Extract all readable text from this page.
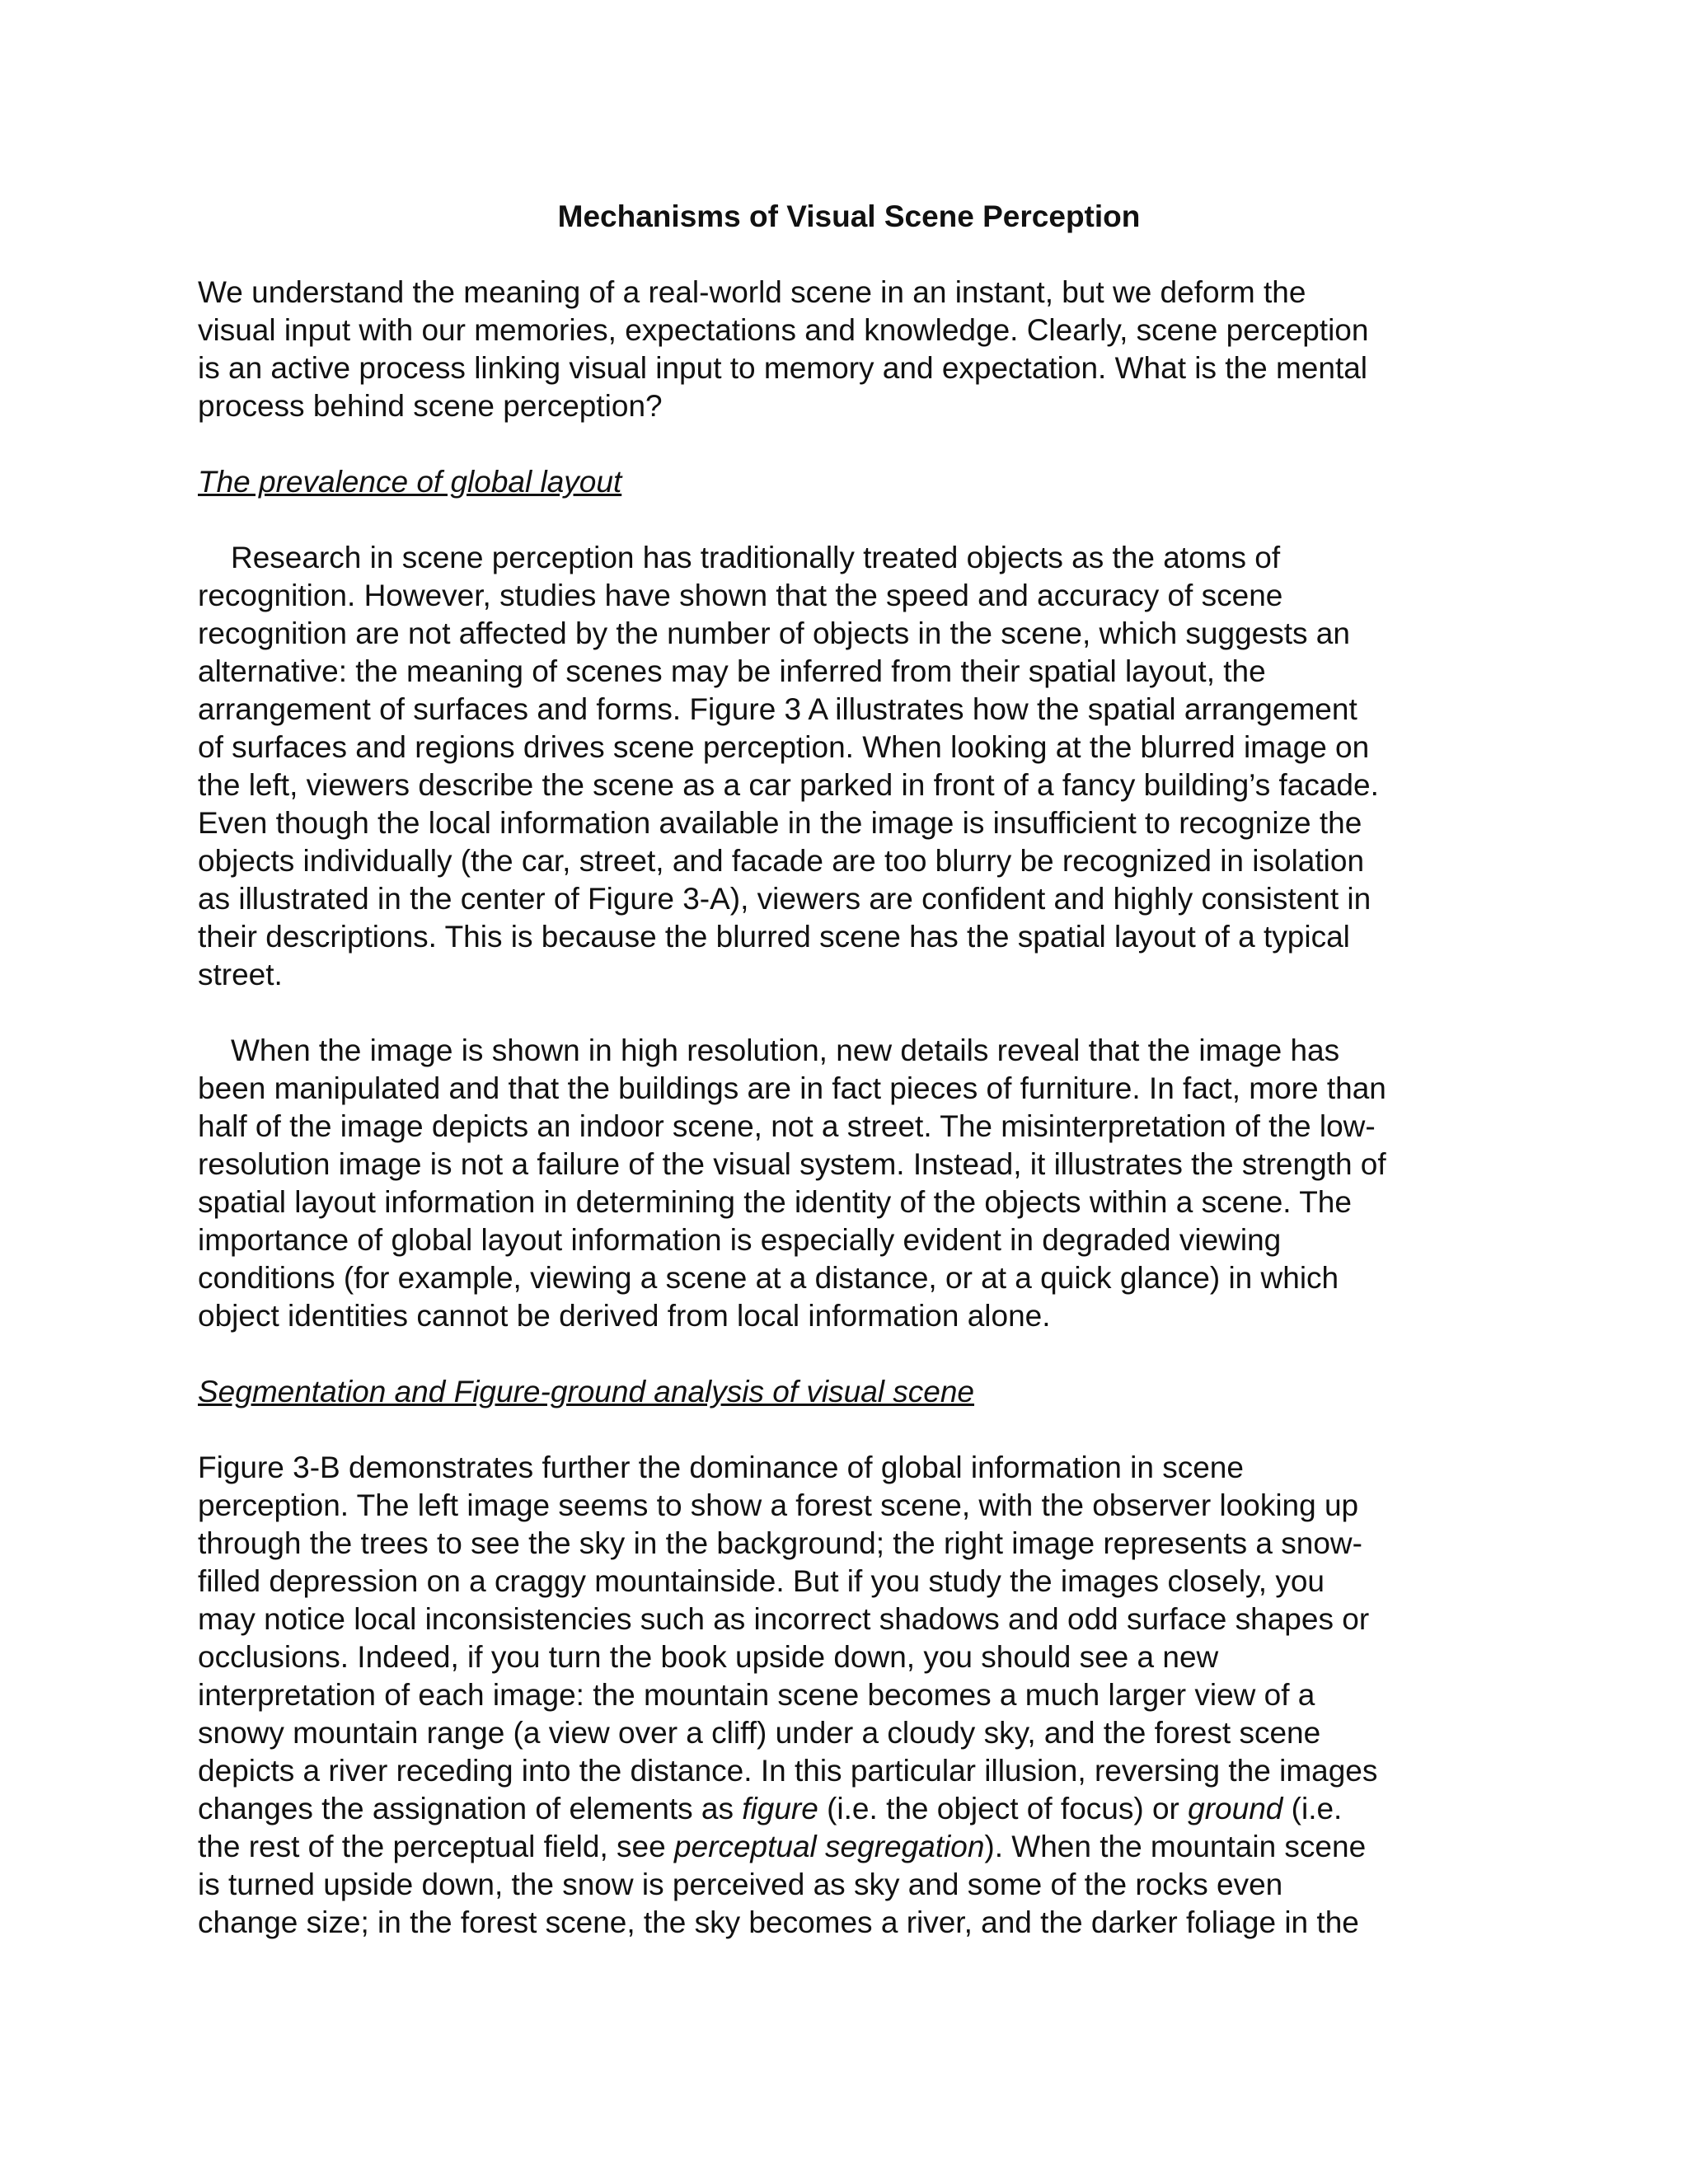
Mechanisms of Visual Scene Perception
We understand the meaning of a real-world scene in an instant, but we deform the
visual input with our memories, expectations and knowledge. Clearly, scene perception
is an active process linking visual input to memory and expectation. What is the mental
process behind scene perception?
The prevalence of global layout
Research in scene perception has traditionally treated objects as the atoms of
recognition. However, studies have shown that the speed and accuracy of scene
recognition are not affected by the number of objects in the scene, which suggests an
alternative: the meaning of scenes may be inferred from their spatial layout, the
arrangement of surfaces and forms. Figure 3 A illustrates how the spatial arrangement
of surfaces and regions drives scene perception. When looking at the blurred image on
the left, viewers describe the scene as a car parked in front of a fancy building’s facade.
Even though the local information available in the image is insufficient to recognize the
objects individually (the car, street, and facade are too blurry be recognized in isolation
as illustrated in the center of Figure 3-A), viewers are confident and highly consistent in
their descriptions. This is because the blurred scene has the spatial layout of a typical
street.
When the image is shown in high resolution, new details reveal that the image has
been manipulated and that the buildings are in fact pieces of furniture. In fact, more than
half of the image depicts an indoor scene, not a street. The misinterpretation of the low-
resolution image is not a failure of the visual system. Instead, it illustrates the strength of
spatial layout information in determining the identity of the objects within a scene. The
importance of global layout information is especially evident in degraded viewing
conditions (for example, viewing a scene at a distance, or at a quick glance) in which
object identities cannot be derived from local information alone.
Segmentation and Figure-ground analysis of visual scene
Figure 3-B demonstrates further the dominance of global information in scene
perception. The left image seems to show a forest scene, with the observer looking up
through the trees to see the sky in the background; the right image represents a snow-
filled depression on a craggy mountainside. But if you study the images closely, you
may notice local inconsistencies such as incorrect shadows and odd surface shapes or
occlusions. Indeed, if you turn the book upside down, you should see a new
interpretation of each image: the mountain scene becomes a much larger view of a
snowy mountain range (a view over a cliff) under a cloudy sky, and the forest scene
depicts a river receding into the distance. In this particular illusion, reversing the images
changes the assignation of elements as figure (i.e. the object of focus) or ground (i.e.
the rest of the perceptual field, see perceptual segregation). When the mountain scene
is turned upside down, the snow is perceived as sky and some of the rocks even
change size; in the forest scene, the sky becomes a river, and the darker foliage in the
